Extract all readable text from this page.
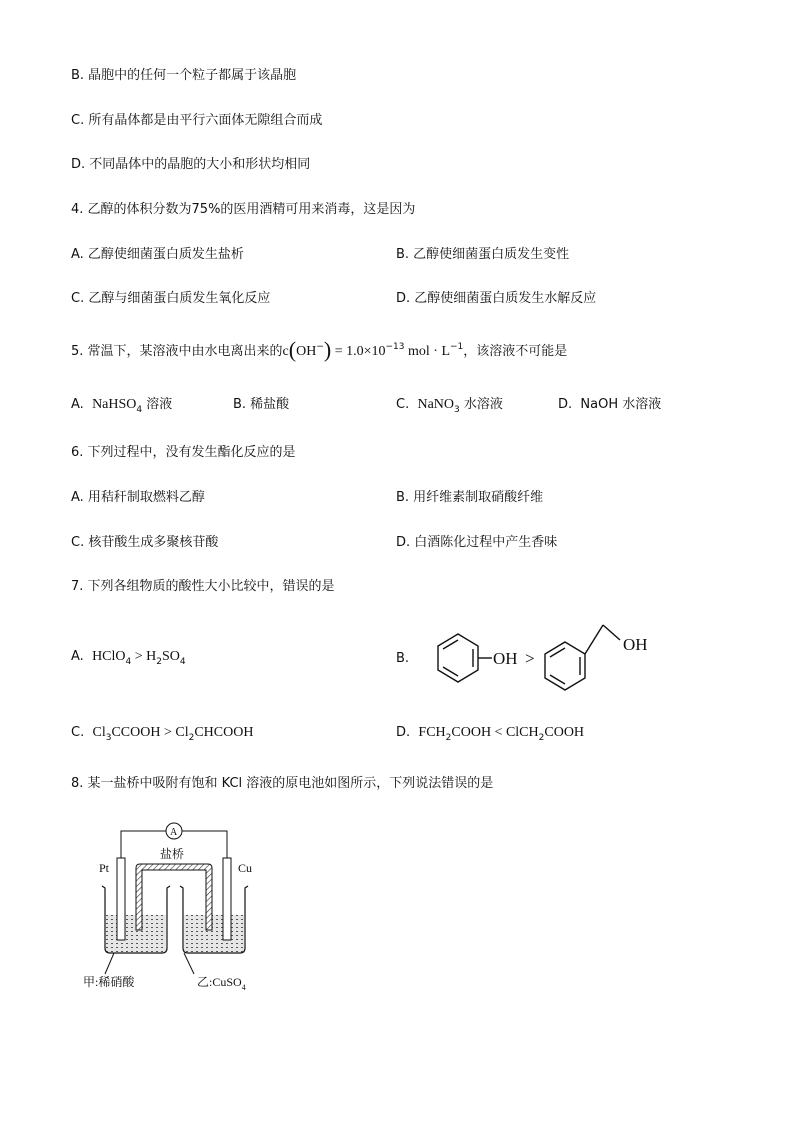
B. 晶胞中的任何一个粒子都属于该晶胞
C. 所有晶体都是由平行六面体无隙组合而成
D. 不同晶体中的晶胞的大小和形状均相同
4. 乙醇的体积分数为75%的医用酒精可用来消毒，这是因为
A. 乙醇使细菌蛋白质发生盐析	B. 乙醇使细菌蛋白质发生变性
C. 乙醇与细菌蛋白质发生氧化反应	D. 乙醇使细菌蛋白质发生水解反应
5. 常温下，某溶液中由水电离出来的$c(OH^-) = 1.0\times 10^{-13}$ mol · $L^{-1}$，该溶液不可能是
A. NaHSO$_4$ 溶液	B. 稀盐酸	C. NaNO$_3$ 水溶液	D. NaOH 水溶液
6. 下列过程中，没有发生酯化反应的是
A. 用秸秆制取燃料乙醇	B. 用纤维素制取硝酸纤维
C. 核苷酸生成多聚核苷酸	D. 白酒陈化过程中产生香味
7. 下列各组物质的酸性大小比较中，错误的是
A. HClO$_4$ > $H_2SO_4$	B.	OH >
OH
C. $Cl_3CCOOH$ > $Cl_2CHCOOH$	D. $FCH_2COOH$ < ClCH$_2$COOH
8. 某一盐桥中吸附有饱和 KCl 溶液的原电池如图所示，下列说法错误的是
A
盐桥
Pt	Cu
甲:稀硝酸	乙:CuSO$_4$
